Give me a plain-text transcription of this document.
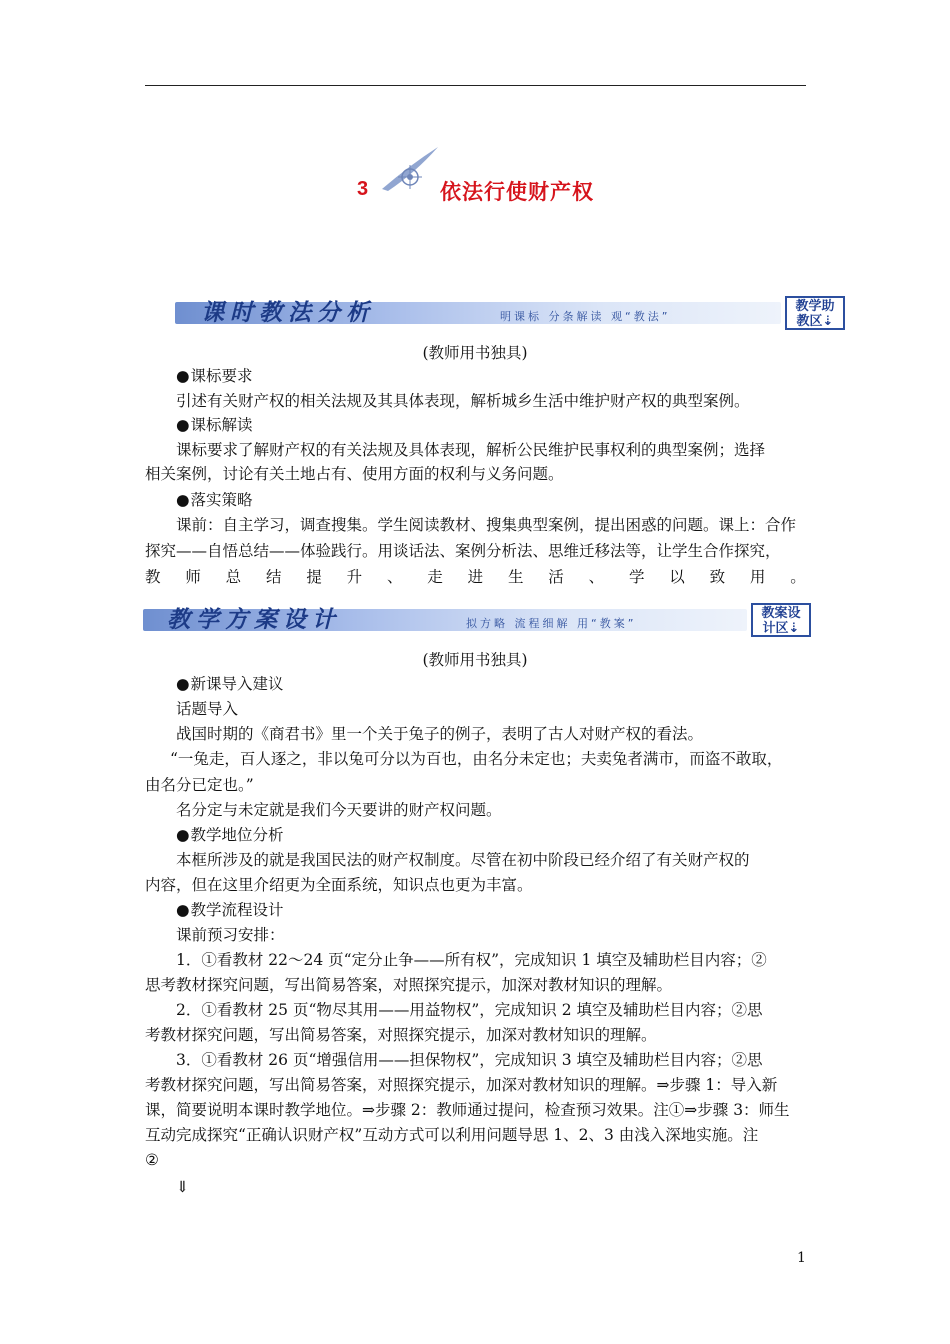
3	依法行使财产权
课时教法分析	明课标 分条解读 观“教法”
教学助
教区⇣
(教师用书独具)
● 课标要求
引述有关财产权的相关法规及其具体表现，解析城乡生活中维护财产权的典型案例。
● 课标解读
课标要求了解财产权的有关法规及具体表现，解析公民维护民事权利的典型案例；选择
相关案例，讨论有关土地占有、使用方面的权利与义务问题。
● 落实策略
课前：自主学习，调查搜集。学生阅读教材、搜集典型案例，提出困惑的问题。课上：合作
探究——自悟总结——体验践行。用谈话法、案例分析法、思维迁移法等，让学生合作探究，
教 师 总 结 提 升 、 走 进 生 活 、 学 以 致 用 。
教学方案设计	拟方略 流程细解 用“教案”
教案设
计区⇣
(教师用书独具)
● 新课导入建议
话题导入
战国时期的《商君书》里一个关于兔子的例子，表明了古人对财产权的看法。
“一兔走，百人逐之，非以兔可分以为百也，由名分未定也；夫卖兔者满市，而盗不敢取，
由名分已定也。”
名分定与未定就是我们今天要讲的财产权问题。
● 教学地位分析
本框所涉及的就是我国民法的财产权制度。尽管在初中阶段已经介绍了有关财产权的
内容，但在这里介绍更为全面系统，知识点也更为丰富。
● 教学流程设计
课前预习安排：
1．①看教材 22～24 页“定分止争——所有权”，完成知识 1 填空及辅助栏目内容；②
思考教材探究问题，写出简易答案，对照探究提示，加深对教材知识的理解。
2．①看教材 25 页“物尽其用——用益物权”，完成知识 2 填空及辅助栏目内容；②思
考教材探究问题，写出简易答案，对照探究提示，加深对教材知识的理解。
3．①看教材 26 页“增强信用——担保物权”，完成知识 3 填空及辅助栏目内容；②思
考教材探究问题，写出简易答案，对照探究提示，加深对教材知识的理解。⇒步骤 1：导入新
课，简要说明本课时教学地位。⇒步骤 2：教师通过提问，检查预习效果。注①⇒步骤 3：师生
互动完成探究“正确认识财产权”互动方式可以利用问题导思 1、2、3 由浅入深地实施。注
②
⇓
1
